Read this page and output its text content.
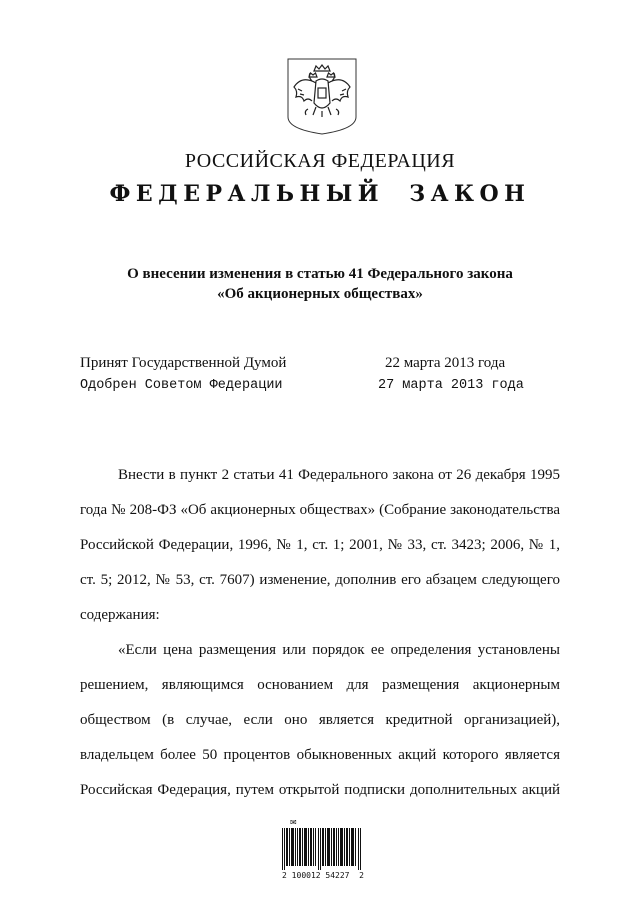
РОССИЙСКАЯ ФЕДЕРАЦИЯ
ФЕДЕРАЛЬНЫЙ ЗАКОН
О внесении изменения в статью 41 Федерального закона
«Об акционерных обществах»
Принят Государственной Думой	22 марта 2013 года
Одобрен Советом Федерации	27 марта 2013 года

Внести в пункт 2 статьи 41 Федерального закона от 26 декабря 1995 года № 208-ФЗ «Об акционерных обществах» (Собрание законодательства Российской Федерации, 1996, № 1, ст. 1; 2001, № 33, ст. 3423; 2006, № 1, ст. 5; 2012, № 53, ст. 7607) изменение, дополнив его абзацем следующего содержания:

«Если цена размещения или порядок ее определения установлены решением, являющимся основанием для размещения акционерным обществом (в случае, если оно является кредитной организацией), владельцем более 50 процентов обыкновенных акций которого является Российская Федерация, путем открытой подписки дополнительных акций

✉
2 100012 54227  2
